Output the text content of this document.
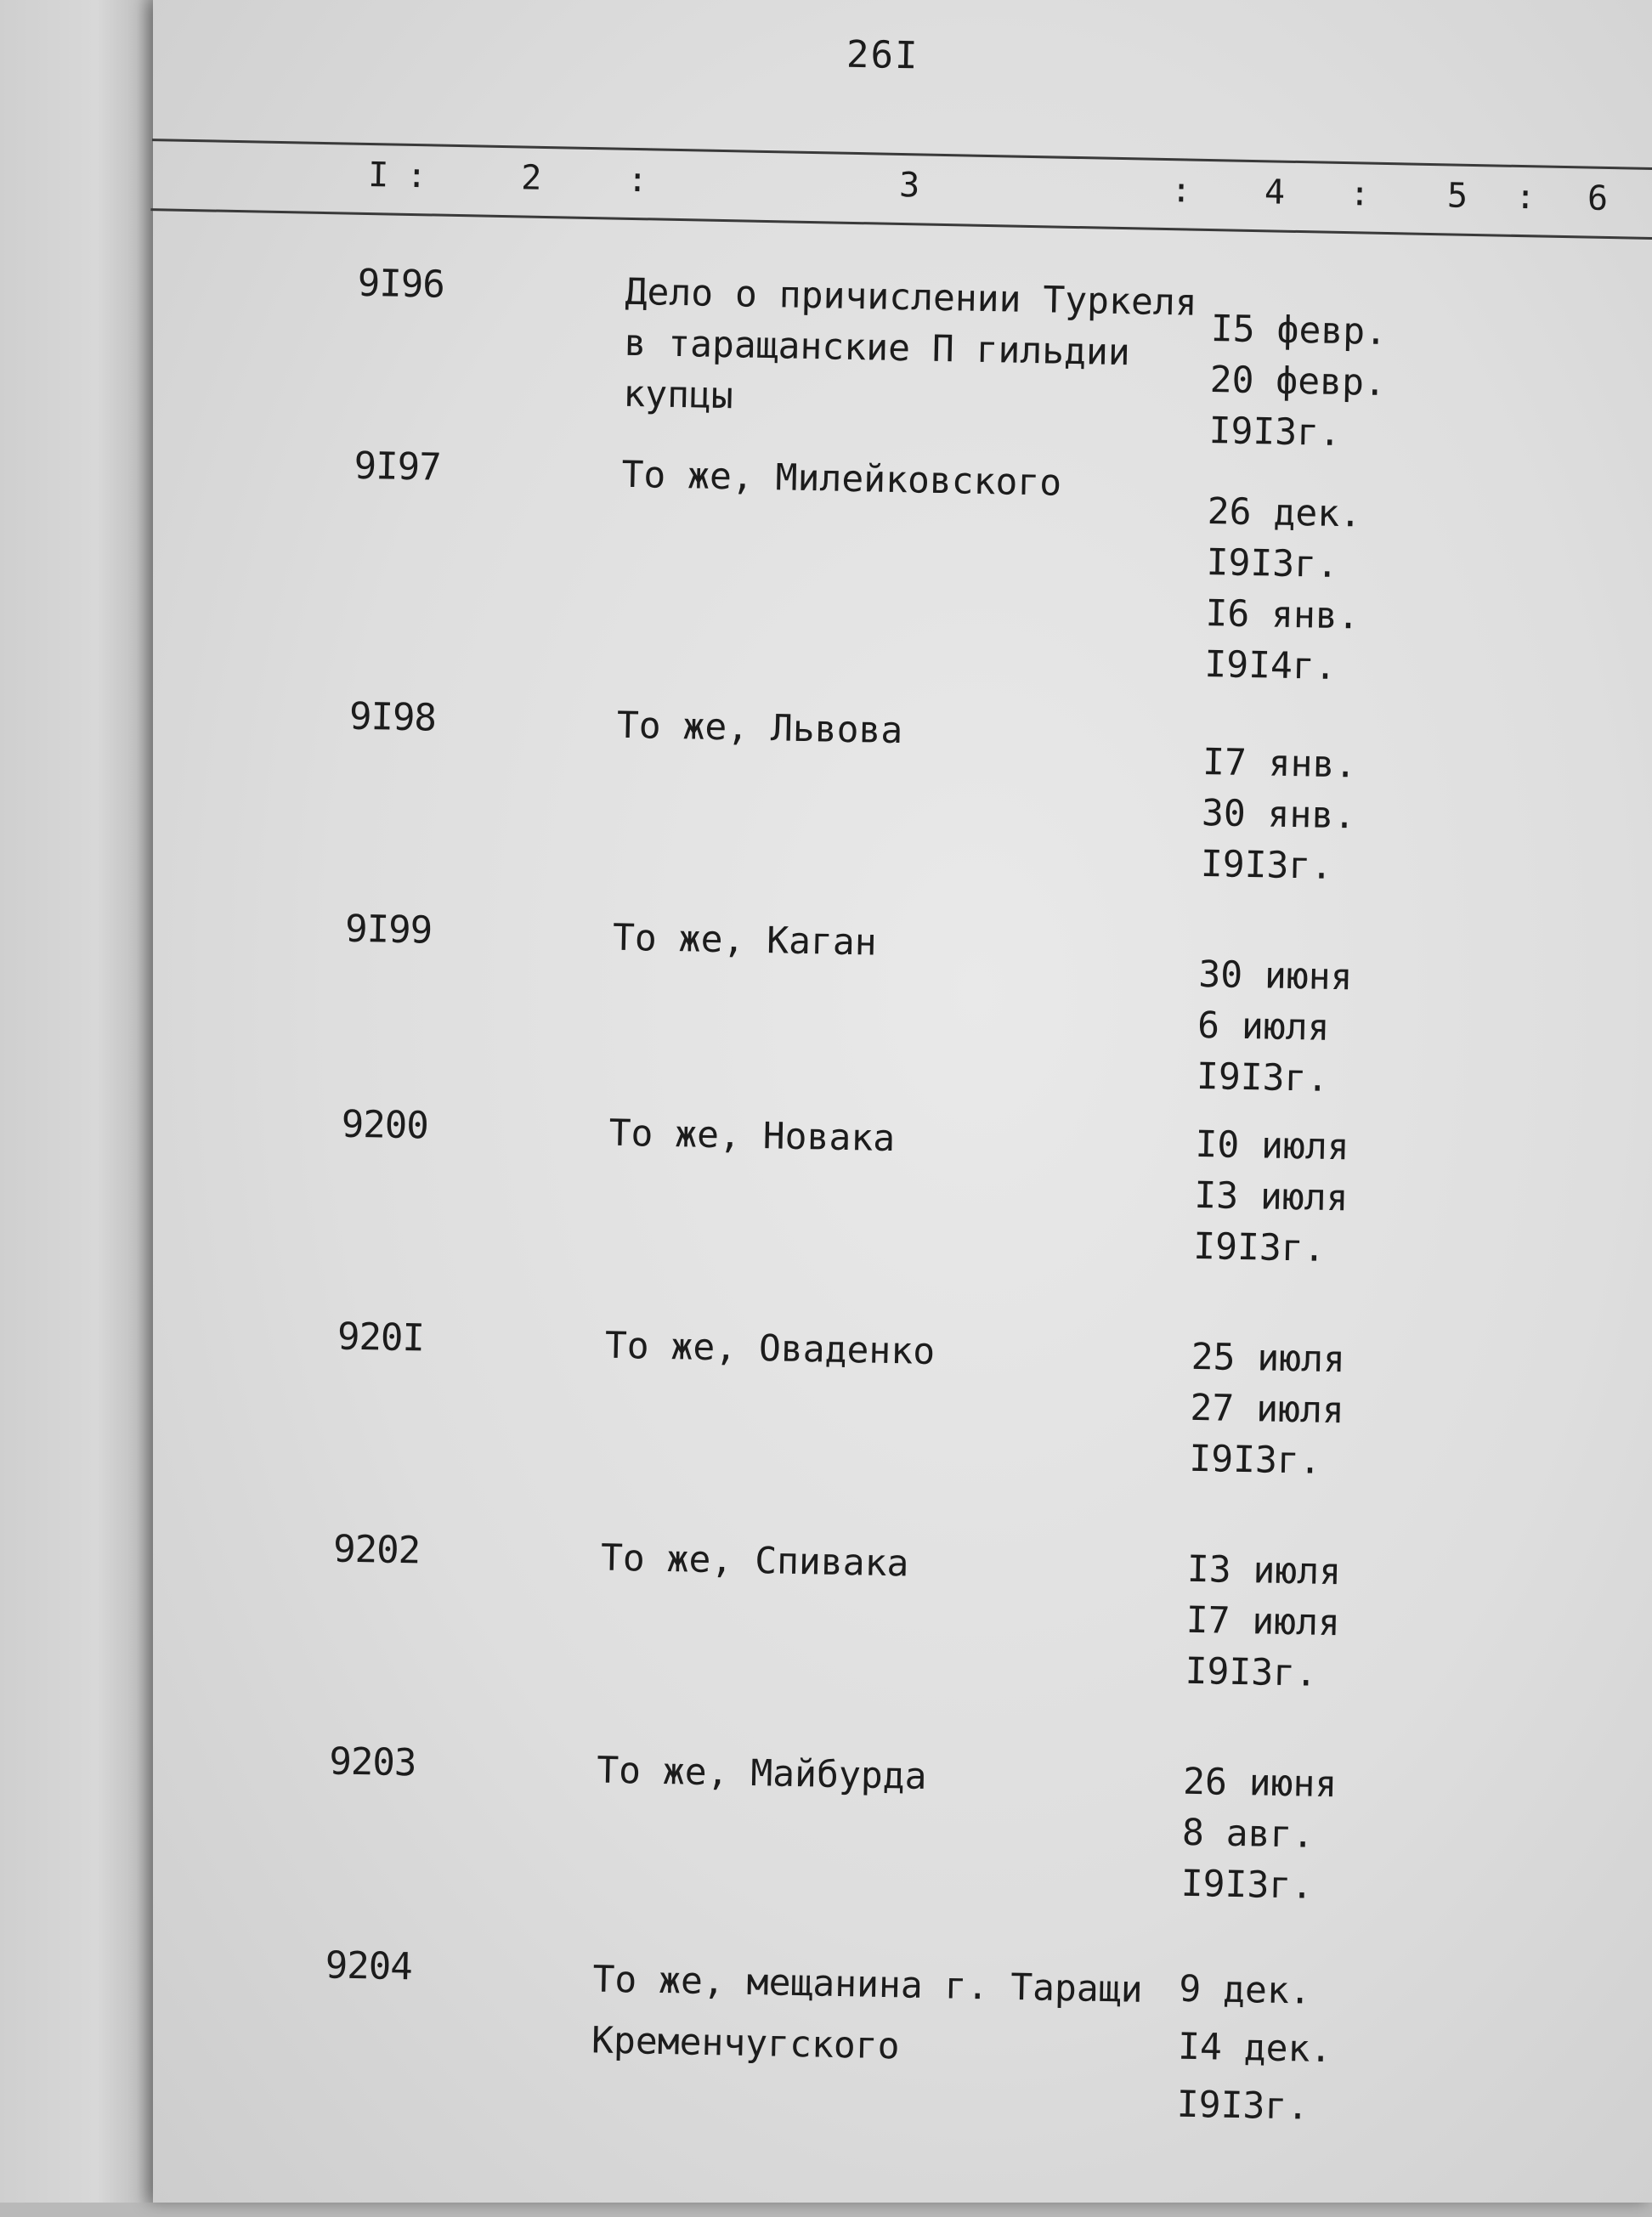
26I
I :	2	:	3	: 4 : 5 : 6
9I96	Дело о причислении Туркеля
в таращанские П гильдии
купцы
I5 февр.
20 февр.
I9I3г.
9I97	То же, Милейковского
26 дек.
I9I3г.
I6 янв.
I9I4г.
9I98	То же, Львова
I7 янв.
30 янв.
I9I3г.
9I99	То же, Каган
30 июня
6 июля
I9I3г.
9200	То же, Новака	I0 июля
I3 июля
I9I3г.
920I	То же, Оваденко	25 июля
27 июля
I9I3г.
9202	То же, Спивака	I3 июля
I7 июля
I9I3г.
9203	То же, Майбурда	26 июня
8 авг.
I9I3г.
9204	То же, мещанина г. Таращи
Кременчугского
9 дек.
I4 дек.
I9I3г.
